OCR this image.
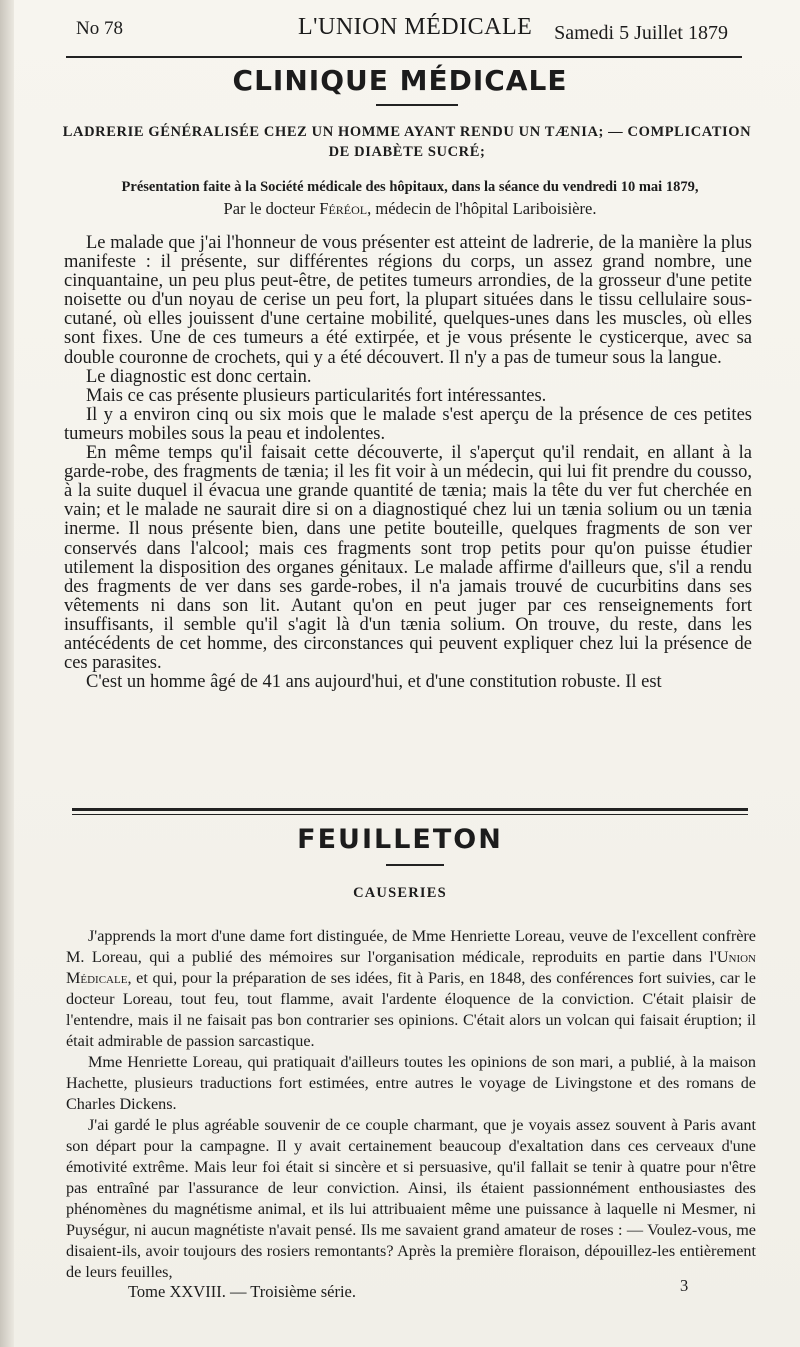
No 78	L'UNION MÉDICALE Samedi 5 Juillet 1879
CLINIQUE MÉDICALE
LADRERIE GÉNÉRALISÉE CHEZ UN HOMME AYANT RENDU UN TÆNIA; — COMPLICATION DE DIABÈTE SUCRÉ;
Présentation faite à la Société médicale des hôpitaux, dans la séance du vendredi 10 mai 1879,
Par le docteur Féréol, médecin de l'hôpital Lariboisière.

Le malade que j'ai l'honneur de vous présenter est atteint de ladrerie, de la manière la plus manifeste : il présente, sur différentes régions du corps, un assez grand nombre, une cinquantaine, un peu plus peut-être, de petites tumeurs arrondies, de la grosseur d'une petite noisette ou d'un noyau de cerise un peu fort, la plupart situées dans le tissu cellulaire sous-cutané, où elles jouissent d'une certaine mobilité, quelques-unes dans les muscles, où elles sont fixes. Une de ces tumeurs a été extirpée, et je vous présente le cysticerque, avec sa double couronne de crochets, qui y a été découvert. Il n'y a pas de tumeur sous la langue.

Le diagnostic est donc certain.

Mais ce cas présente plusieurs particularités fort intéressantes.

Il y a environ cinq ou six mois que le malade s'est aperçu de la présence de ces petites tumeurs mobiles sous la peau et indolentes.

En même temps qu'il faisait cette découverte, il s'aperçut qu'il rendait, en allant à la garde-robe, des fragments de tænia; il les fit voir à un médecin, qui lui fit prendre du cousso, à la suite duquel il évacua une grande quantité de tænia; mais la tête du ver fut cherchée en vain; et le malade ne saurait dire si on a diagnostiqué chez lui un tænia solium ou un tænia inerme. Il nous présente bien, dans une petite bouteille, quelques fragments de son ver conservés dans l'alcool; mais ces fragments sont trop petits pour qu'on puisse étudier utilement la disposition des organes génitaux. Le malade affirme d'ailleurs que, s'il a rendu des fragments de ver dans ses garde-robes, il n'a jamais trouvé de cucurbitins dans ses vêtements ni dans son lit. Autant qu'on en peut juger par ces renseignements fort insuffisants, il semble qu'il s'agit là d'un tænia solium. On trouve, du reste, dans les antécédents de cet homme, des circonstances qui peuvent expliquer chez lui la présence de ces parasites.

C'est un homme âgé de 41 ans aujourd'hui, et d'une constitution robuste. Il est

FEUILLETON
CAUSERIES

J'apprends la mort d'une dame fort distinguée, de Mme Henriette Loreau, veuve de l'excellent confrère M. Loreau, qui a publié des mémoires sur l'organisation médicale, reproduits en partie dans l'Union Médicale, et qui, pour la préparation de ses idées, fit à Paris, en 1848, des conférences fort suivies, car le docteur Loreau, tout feu, tout flamme, avait l'ardente éloquence de la conviction. C'était plaisir de l'entendre, mais il ne faisait pas bon contrarier ses opinions. C'était alors un volcan qui faisait éruption; il était admirable de passion sarcastique.

Mme Henriette Loreau, qui pratiquait d'ailleurs toutes les opinions de son mari, a publié, à la maison Hachette, plusieurs traductions fort estimées, entre autres le voyage de Livingstone et des romans de Charles Dickens.

J'ai gardé le plus agréable souvenir de ce couple charmant, que je voyais assez souvent à Paris avant son départ pour la campagne. Il y avait certainement beaucoup d'exaltation dans ces cerveaux d'une émotivité extrême. Mais leur foi était si sincère et si persuasive, qu'il fallait se tenir à quatre pour n'être pas entraîné par l'assurance de leur conviction. Ainsi, ils étaient passionnément enthousiastes des phénomènes du magnétisme animal, et ils lui attribuaient même une puissance à laquelle ni Mesmer, ni Puységur, ni aucun magnétiste n'avait pensé. Ils me savaient grand amateur de roses : — Voulez-vous, me disaient-ils, avoir toujours des rosiers remontants? Après la première floraison, dépouillez-les entièrement de leurs feuilles,

Tome XXVIII. — Troisième série.	3
